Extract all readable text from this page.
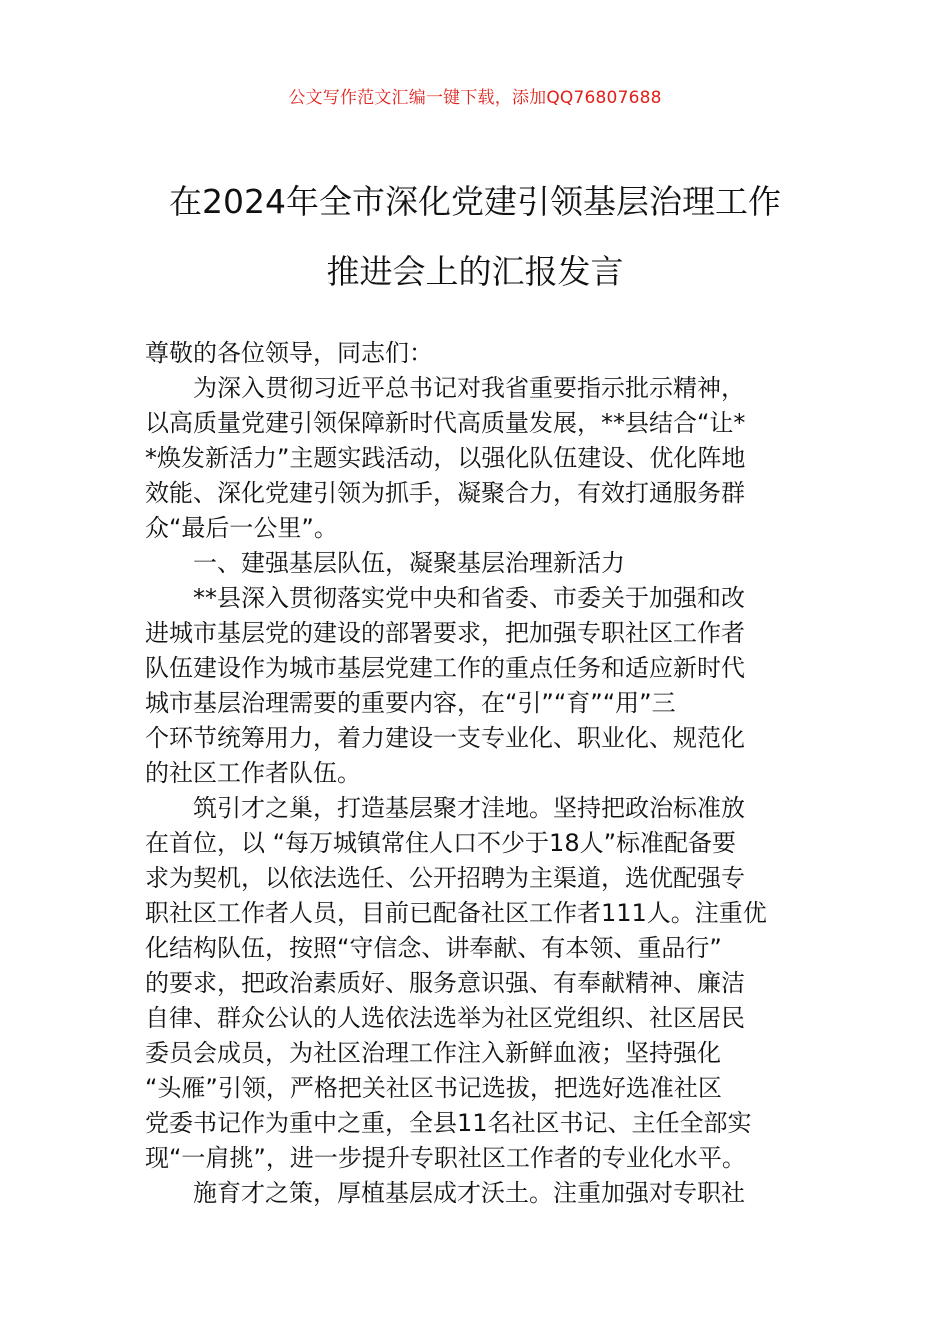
公文写作范文汇编一键下载，添加QQ76807688
在2024年全市深化党建引领基层治理工作
推进会上的汇报发言
尊敬的各位领导，同志们：
为深入贯彻习近平总书记对我省重要指示批示精神，
以高质量党建引领保障新时代高质量发展，**县结合“让*
*焕发新活力”主题实践活动，以强化队伍建设、优化阵地
效能、深化党建引领为抓手，凝聚合力，有效打通服务群
众“最后一公里”。
一、建强基层队伍，凝聚基层治理新活力
**县深入贯彻落实党中央和省委、市委关于加强和改
进城市基层党的建设的部署要求，把加强专职社区工作者
队伍建设作为城市基层党建工作的重点任务和适应新时代
城市基层治理需要的重要内容，在“引”“育”“用”三
个环节统筹用力，着力建设一支专业化、职业化、规范化
的社区工作者队伍。
筑引才之巢，打造基层聚才洼地。坚持把政治标准放
在首位，以 “每万城镇常住人口不少于18人”标准配备要
求为契机，以依法选任、公开招聘为主渠道，选优配强专
职社区工作者人员，目前已配备社区工作者111人。注重优
化结构队伍，按照“守信念、讲奉献、有本领、重品行”
的要求，把政治素质好、服务意识强、有奉献精神、廉洁
自律、群众公认的人选依法选举为社区党组织、社区居民
委员会成员，为社区治理工作注入新鲜血液；坚持强化
“头雁”引领，严格把关社区书记选拔，把选好选准社区
党委书记作为重中之重，全县11名社区书记、主任全部实
现“一肩挑”，进一步提升专职社区工作者的专业化水平。
施育才之策，厚植基层成才沃土。注重加强对专职社
